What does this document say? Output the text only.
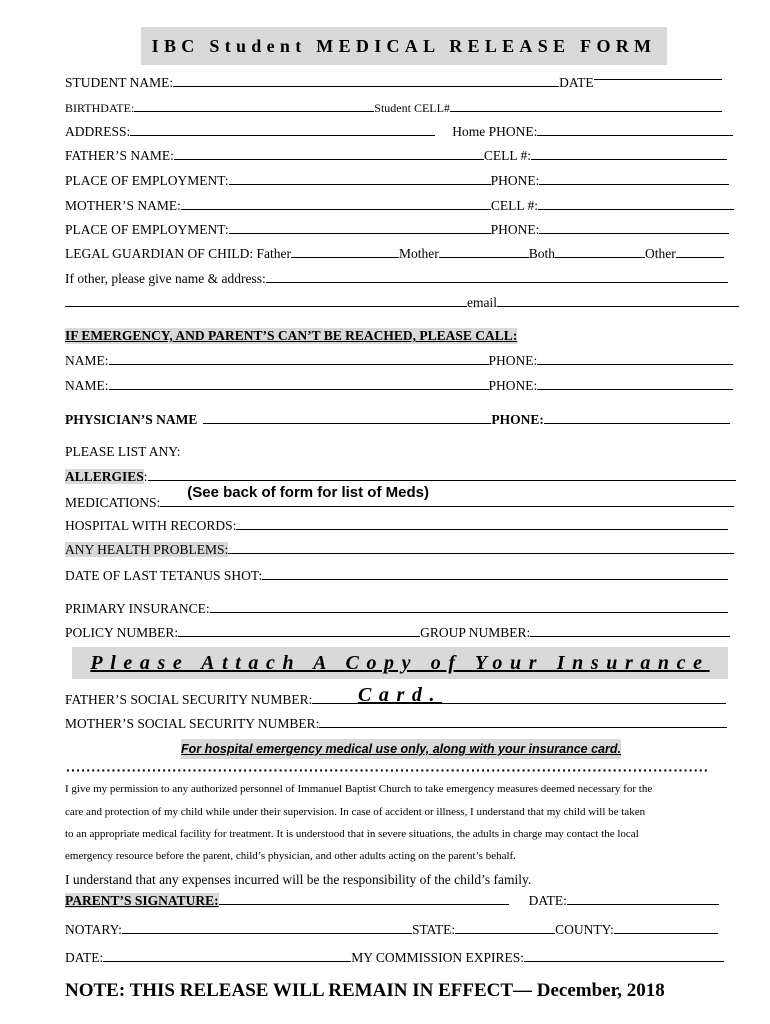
IBC Student MEDICAL RELEASE FORM
STUDENT NAME:	DATE
BIRTHDATE:	Student CELL#
ADDRESS:	Home PHONE:
FATHER’S NAME:	CELL #:
PLACE OF EMPLOYMENT:	PHONE:
MOTHER’S NAME:	CELL #:
PLACE OF EMPLOYMENT:	PHONE:
LEGAL GUARDIAN OF CHILD: Father	Mother	Both	Other
If other, please give name & address:
email
IF EMERGENCY, AND PARENT’S CAN’T BE REACHED, PLEASE CALL:
NAME:	PHONE:
NAME:	PHONE:
PHYSICIAN’S NAME	PHONE:
PLEASE LIST ANY:
ALLERGIES:
MEDICATIONS:
(See back of form for list of Meds)
HOSPITAL WITH RECORDS:
ANY HEALTH PROBLEMS:
DATE OF LAST TETANUS SHOT:
PRIMARY INSURANCE:
POLICY NUMBER:	GROUP NUMBER:
Please Attach A Copy of Your Insurance Card.
FATHER’S SOCIAL SECURITY NUMBER:
MOTHER’S SOCIAL SECURITY NUMBER:
For hospital emergency medical use only, along with your insurance card.
·······························································································································
I give my permission to any authorized personnel of Immanuel Baptist Church to take emergency measures deemed necessary for the
care and protection of my child while under their supervision. In case of accident or illness, I understand that my child will be taken
to an appropriate medical facility for treatment. It is understood that in severe situations, the adults in charge may contact the local
emergency resource before the parent, child’s physician, and other adults acting on the parent’s behalf.
I understand that any expenses incurred will be the responsibility of the child’s family.
PARENT’S SIGNATURE:	DATE:
NOTARY:	STATE:	COUNTY:
DATE:	MY COMMISSION EXPIRES:
NOTE: THIS RELEASE WILL REMAIN IN EFFECT— December, 2018
